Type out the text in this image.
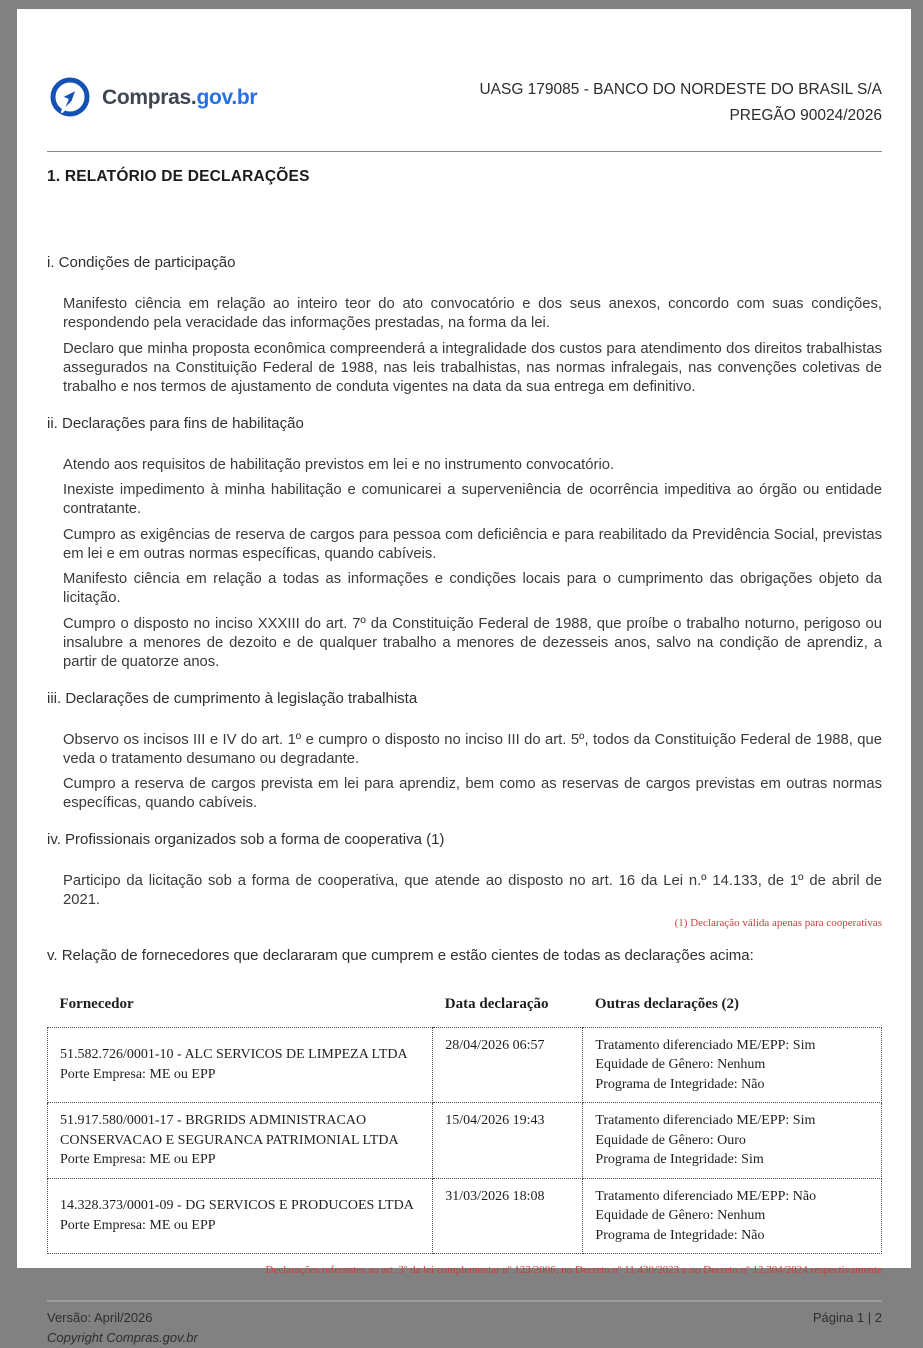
Compras.gov.br	UASG 179085 - BANCO DO NORDESTE DO BRASIL S/A
PREGÃO 90024/2026
1. RELATÓRIO DE DECLARAÇÕES
i. Condições de participação

Manifesto ciência em relação ao inteiro teor do ato convocatório e dos seus anexos, concordo com suas condições, respondendo pela veracidade das informações prestadas, na forma da lei.

Declaro que minha proposta econômica compreenderá a integralidade dos custos para atendimento dos direitos trabalhistas assegurados na Constituição Federal de 1988, nas leis trabalhistas, nas normas infralegais, nas convenções coletivas de trabalho e nos termos de ajustamento de conduta vigentes na data da sua entrega em definitivo.

ii. Declarações para fins de habilitação

Atendo aos requisitos de habilitação previstos em lei e no instrumento convocatório.

Inexiste impedimento à minha habilitação e comunicarei a superveniência de ocorrência impeditiva ao órgão ou entidade contratante.

Cumpro as exigências de reserva de cargos para pessoa com deficiência e para reabilitado da Previdência Social, previstas em lei e em outras normas específicas, quando cabíveis.

Manifesto ciência em relação a todas as informações e condições locais para o cumprimento das obrigações objeto da licitação.

Cumpro o disposto no inciso XXXIII do art. 7º da Constituição Federal de 1988, que proíbe o trabalho noturno, perigoso ou insalubre a menores de dezoito e de qualquer trabalho a menores de dezesseis anos, salvo na condição de aprendiz, a partir de quatorze anos.

iii. Declarações de cumprimento à legislação trabalhista

Observo os incisos III e IV do art. 1º e cumpro o disposto no inciso III do art. 5º, todos da Constituição Federal de 1988, que veda o tratamento desumano ou degradante.

Cumpro a reserva de cargos prevista em lei para aprendiz, bem como as reservas de cargos previstas em outras normas específicas, quando cabíveis.

iv. Profissionais organizados sob a forma de cooperativa (1)

Participo da licitação sob a forma de cooperativa, que atende ao disposto no art. 16 da Lei n.º 14.133, de 1º de abril de 2021.

(1) Declaração válida apenas para cooperativas
v. Relação de fornecedores que declararam que cumprem e estão cientes de todas as declarações acima:
Fornecedor	Data declaração	Outras declarações (2)

51.582.726/0001-10 - ALC SERVICOS DE LIMPEZA LTDA
Porte Empresa: ME ou EPP
	28/04/2026 06:57	Tratamento diferenciado ME/EPP: Sim
Equidade de Gênero: Nenhum
Programa de Integridade: Não

51.917.580/0001-17 - BRGRIDS ADMINISTRACAO CONSERVACAO E SEGURANCA PATRIMONIAL LTDA
Porte Empresa: ME ou EPP
	15/04/2026 19:43	Tratamento diferenciado ME/EPP: Sim
Equidade de Gênero: Ouro
Programa de Integridade: Sim

14.328.373/0001-09 - DG SERVICOS E PRODUCOES LTDA
Porte Empresa: ME ou EPP
	31/03/2026 18:08	Tratamento diferenciado ME/EPP: Não
Equidade de Gênero: Nenhum
Programa de Integridade: Não
Declarações referentes ao art. 3º da lei complementar nº 123/2006, no Decreto nº 11.430/2023 e no Decreto nº 12.304/2024 respectivamente
Versão: April/2026
Copyright Compras.gov.br
Página 1 | 2
